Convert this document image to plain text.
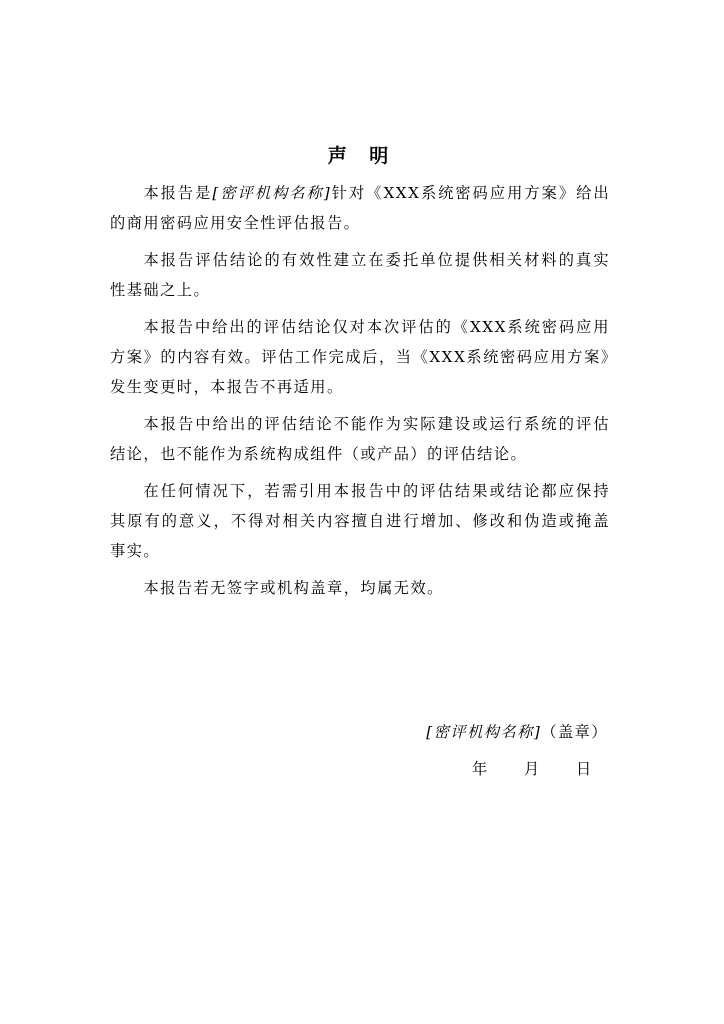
声 明

本报告是[密评机构名称]针对《XXX系统密码应用方案》给出的商用密码应用安全性评估报告。

本报告评估结论的有效性建立在委托单位提供相关材料的真实性基础之上。

本报告中给出的评估结论仅对本次评估的《XXX系统密码应用方案》的内容有效。评估工作完成后，当《XXX系统密码应用方案》发生变更时，本报告不再适用。

本报告中给出的评估结论不能作为实际建设或运行系统的评估结论，也不能作为系统构成组件（或产品）的评估结论。

在任何情况下，若需引用本报告中的评估结果或结论都应保持其原有的意义，不得对相关内容擅自进行增加、修改和伪造或掩盖事实。

本报告若无签字或机构盖章，均属无效。

[密评机构名称]（盖章）
年 月 日
